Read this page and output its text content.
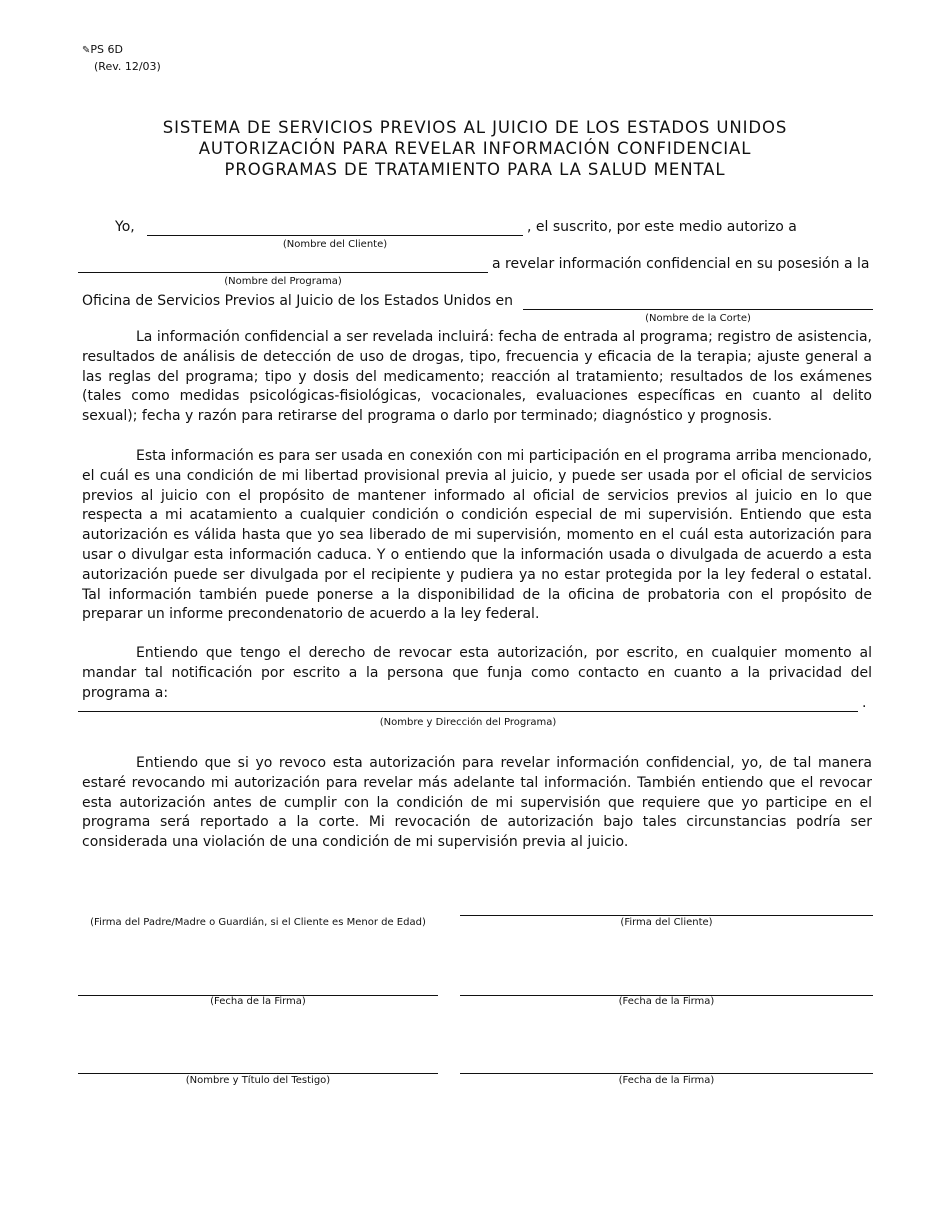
✎PS 6D
(Rev. 12/03)
SISTEMA DE SERVICIOS PREVIOS AL JUICIO DE LOS ESTADOS UNIDOS
AUTORIZACIÓN PARA REVELAR INFORMACIÓN CONFIDENCIAL
PROGRAMAS DE TRATAMIENTO PARA LA SALUD MENTAL
Yo,	, el suscrito, por este medio autorizo a
(Nombre del Cliente)
a revelar información confidencial en su posesión a la
(Nombre del Programa)
Oficina de Servicios Previos al Juicio de los Estados Unidos en
(Nombre de la Corte)
La información confidencial a ser revelada incluirá: fecha de entrada al programa; registro de asistencia, resultados de análisis de detección de uso de drogas, tipo, frecuencia y eficacia de la terapia; ajuste general a las reglas del programa; tipo y dosis del medicamento; reacción al tratamiento; resultados de los exámenes (tales como medidas psicológicas-fisiológicas, vocacionales, evaluaciones específicas en cuanto al delito sexual); fecha y razón para retirarse del programa o darlo por terminado; diagnóstico y prognosis.
Esta información es para ser usada en conexión con mi participación en el programa arriba mencionado, el cuál es una condición de mi libertad provisional previa al juicio, y puede ser usada por el oficial de servicios previos al juicio con el propósito de mantener informado al oficial de servicios previos al juicio en lo que respecta a mi acatamiento a cualquier condición o condición especial de mi supervisión. Entiendo que esta autorización es válida hasta que yo sea liberado de mi supervisión, momento en el cuál esta autorización para usar o divulgar esta información caduca. Y o entiendo que la información usada o divulgada de acuerdo a esta autorización puede ser divulgada por el recipiente y pudiera ya no estar protegida por la ley federal o estatal. Tal información también puede ponerse a la disponibilidad de la oficina de probatoria con el propósito de preparar un informe precondenatorio de acuerdo a la ley federal.
Entiendo que tengo el derecho de revocar esta autorización, por escrito, en cualquier momento al mandar tal notificación por escrito a la persona que funja como contacto en cuanto a la privacidad del programa a:
.
(Nombre y Dirección del Programa)
Entiendo que si yo revoco esta autorización para revelar información confidencial, yo, de tal manera estaré revocando mi autorización para revelar más adelante tal información. También entiendo que el revocar esta autorización antes de cumplir con la condición de mi supervisión que requiere que yo participe en el programa será reportado a la corte. Mi revocación de autorización bajo tales circunstancias podría ser considerada una violación de una condición de mi supervisión previa al juicio.
(Firma del Padre/Madre o Guardián, si el Cliente es Menor de Edad)	(Firma del Cliente)
(Fecha de la Firma)	(Fecha de la Firma)
(Nombre y Título del Testigo)	(Fecha de la Firma)
